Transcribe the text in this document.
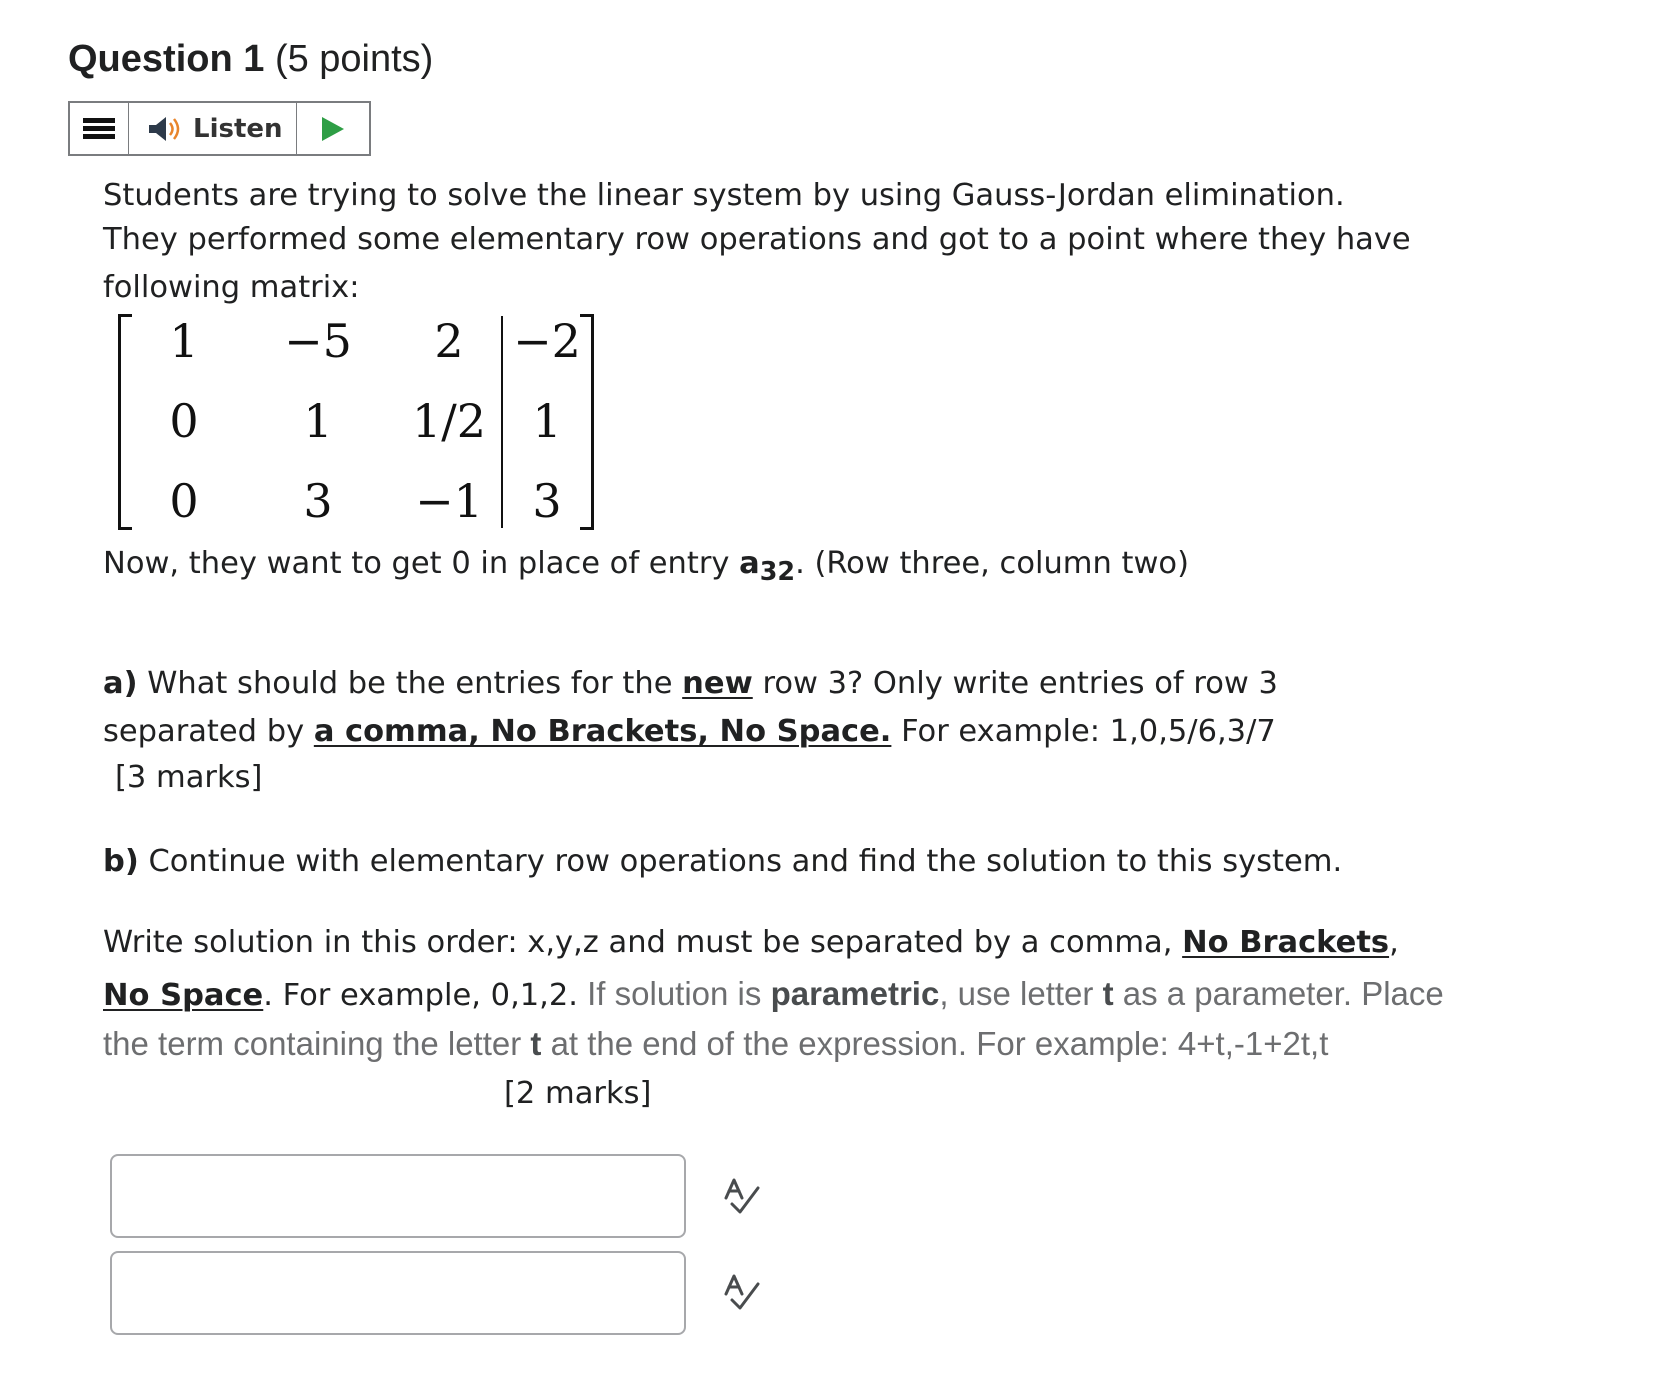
Question 1 (5 points)
Listen
Students are trying to solve the linear system by using Gauss-Jordan elimination.
They performed some elementary row operations and got to a point where they have
following matrix:
1 −5 2 −2
0 1 1/2 1
0 3 −1 3
Now, they want to get 0 in place of entry $a_{32}$. (Row three, column two)
a) What should be the entries for the new row 3? Only write entries of row 3
separated by a comma, No Brackets, No Space. For example: 1,0,5/6,3/7
[3 marks]
b) Continue with elementary row operations and find the solution to this system.
Write solution in this order: x,y,z and must be separated by a comma, No Brackets,
No Space. For example, 0,1,2. If solution is parametric, use letter t as a parameter. Place
the term containing the letter t at the end of the expression. For example: 4+t,-1+2t,t
[2 marks]
